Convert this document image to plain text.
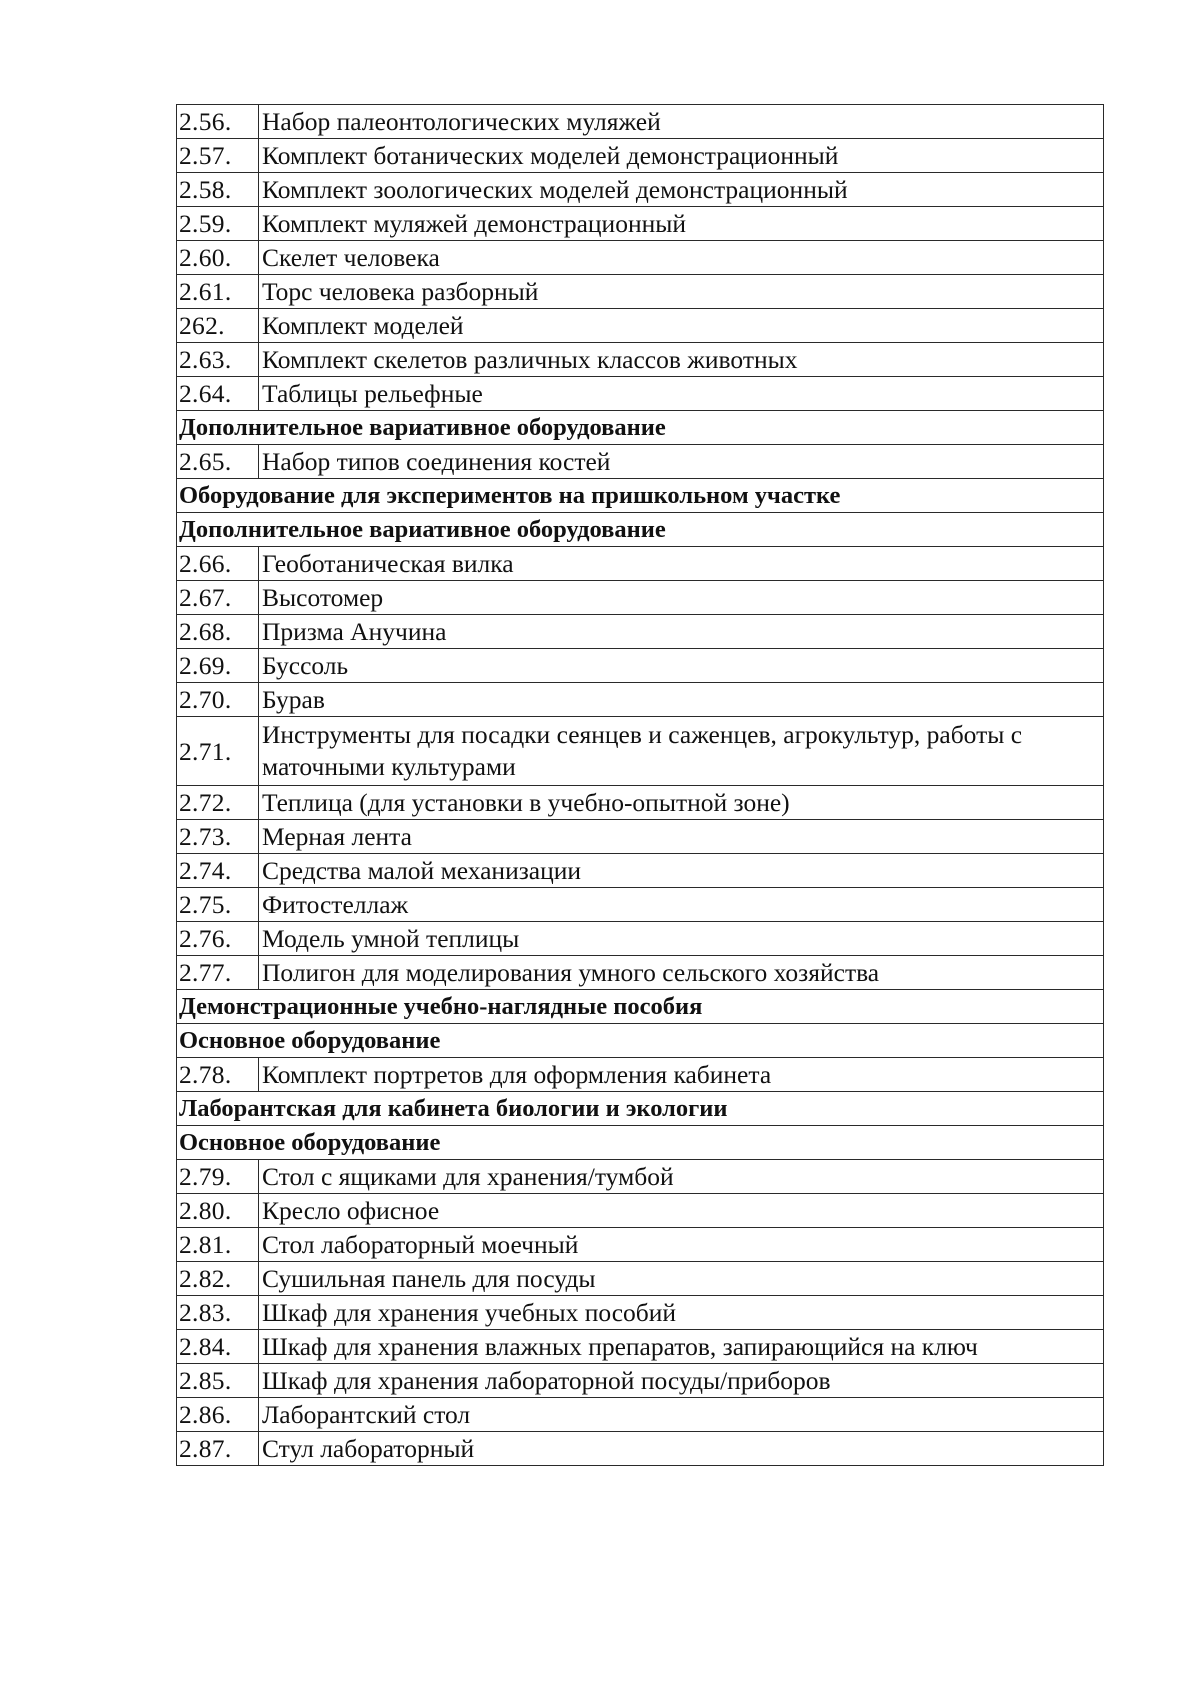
2.56.	Набор палеонтологических муляжей
2.57.	Комплект ботанических моделей демонстрационный
2.58.	Комплект зоологических моделей демонстрационный
2.59.	Комплект муляжей демонстрационный
2.60.	Скелет человека
2.61.	Торс человека разборный
262.	Комплект моделей
2.63.	Комплект скелетов различных классов животных
2.64.	Таблицы рельефные
Дополнительное вариативное оборудование	
2.65.	Набор типов соединения костей
Оборудование для экспериментов на пришкольном участке	
Дополнительное вариативное оборудование	
2.66.	Геоботаническая вилка
2.67.	Высотомер
2.68.	Призма Анучина
2.69.	Буссоль
2.70.	Бурав
2.71.	Инструменты для посадки сеянцев и саженцев, агрокультур, работы с маточными культурами
2.72.	Теплица (для установки в учебно-опытной зоне)
2.73.	Мерная лента
2.74.	Средства малой механизации
2.75.	Фитостеллаж
2.76.	Модель умной теплицы
2.77.	Полигон для моделирования умного сельского хозяйства
Демонстрационные учебно-наглядные пособия	
Основное оборудование	
2.78.	Комплект портретов для оформления кабинета
Лаборантская для кабинета биологии и экологии	
Основное оборудование	
2.79.	Стол с ящиками для хранения/тумбой
2.80.	Кресло офисное
2.81.	Стол лабораторный моечный
2.82.	Сушильная панель для посуды
2.83.	Шкаф для хранения учебных пособий
2.84.	Шкаф для хранения влажных препаратов, запирающийся на ключ
2.85.	Шкаф для хранения лабораторной посуды/приборов
2.86.	Лаборантский стол
2.87.	Стул лабораторный
